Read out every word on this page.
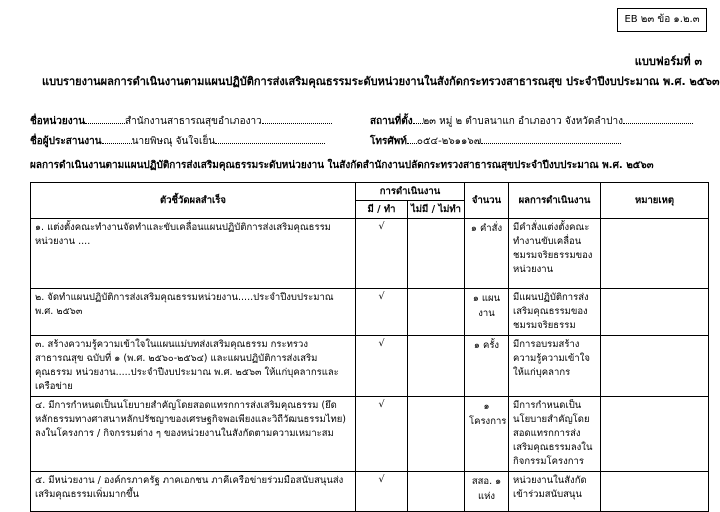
EB ๒๓ ข้อ ๑.๒.๓
แบบฟอร์มที่ ๓
แบบรายงานผลการดำเนินงานตามแผนปฏิบัติการส่งเสริมคุณธรรมระดับหน่วยงานในสังกัดกระทรวงสาธารณสุข ประจำปีงบประมาณ พ.ศ. ๒๕๖๓
ชื่อหน่วยงาน	สำนักงานสาธารณสุขอำเภองาว	สถานที่ตั้ง ๒๓ หมู่ ๒ ตำบลนาแก อำเภองาว จังหวัดลำปาง
ชื่อผู้ประสานงาน	นายพิษณุ จันใจเย็น	โทรศัพท์ ๐๕๔-๒๖๑๑๖๗
ผลการดำเนินงานตามแผนปฏิบัติการส่งเสริมคุณธรรมระดับหน่วยงาน ในสังกัดสำนักงานปลัดกระทรวงสาธารณสุขประจำปีงบประมาณ พ.ศ. ๒๕๖๓
ตัวชี้วัดผลสำเร็จ	การดำเนินงาน		จำนวน	ผลการดำเนินงาน	หมายเหตุ
	มี / ทำ	ไม่มี / ไม่ทำ			
๑. แต่งตั้งคณะทำงานจัดทำและขับเคลื่อนแผนปฏิบัติการส่งเสริมคุณธรรมหน่วยงาน ....	√		๑ คำสั่ง	มีคำสั่งแต่งตั้งคณะทำงานขับเคลื่อนชมรมจริยธรรมของหน่วยงาน	
๒. จัดทำแผนปฏิบัติการส่งเสริมคุณธรรมหน่วยงาน.....ประจำปีงบประมาณ พ.ศ. ๒๕๖๓	√		๑ แผนงาน	มีแผนปฏิบัติการส่งเสริมคุณธรรมของชมรมจริยธรรม	
๓. สร้างความรู้ความเข้าใจในแผนแม่บทส่งเสริมคุณธรรม กระทรวงสาธารณสุข ฉบับที่ ๑ (พ.ศ. ๒๕๖๐-๒๕๖๔) และแผนปฏิบัติการส่งเสริมคุณธรรม หน่วยงาน.....ประจำปีงบประมาณ พ.ศ. ๒๕๖๓ ให้แก่บุคลากรและเครือข่าย	√		๑ ครั้ง	มีการอบรมสร้างความรู้ความเข้าใจให้แก่บุคลากร	
๔. มีการกำหนดเป็นนโยบายสำคัญโดยสอดแทรกการส่งเสริมคุณธรรม (ยึดหลักธรรมทางศาสนาหลักปรัชญาของเศรษฐกิจพอเพียงและวิถีวัฒนธรรมไทย) ลงในโครงการ / กิจกรรมต่าง ๆ ของหน่วยงานในสังกัดตามความเหมาะสม	√		๑ โครงการ	มีการกำหนดเป็นนโยบายสำคัญโดยสอดแทรกการส่งเสริมคุณธรรมลงในกิจกรรมโครงการ	
๕. มีหน่วยงาน / องค์กรภาครัฐ ภาคเอกชน ภาคีเครือข่ายร่วมมือสนับสนุนส่งเสริมคุณธรรมเพิ่มมากขึ้น	√		สสอ. ๑ แห่ง	หน่วยงานในสังกัดเข้าร่วมสนับสนุน	
